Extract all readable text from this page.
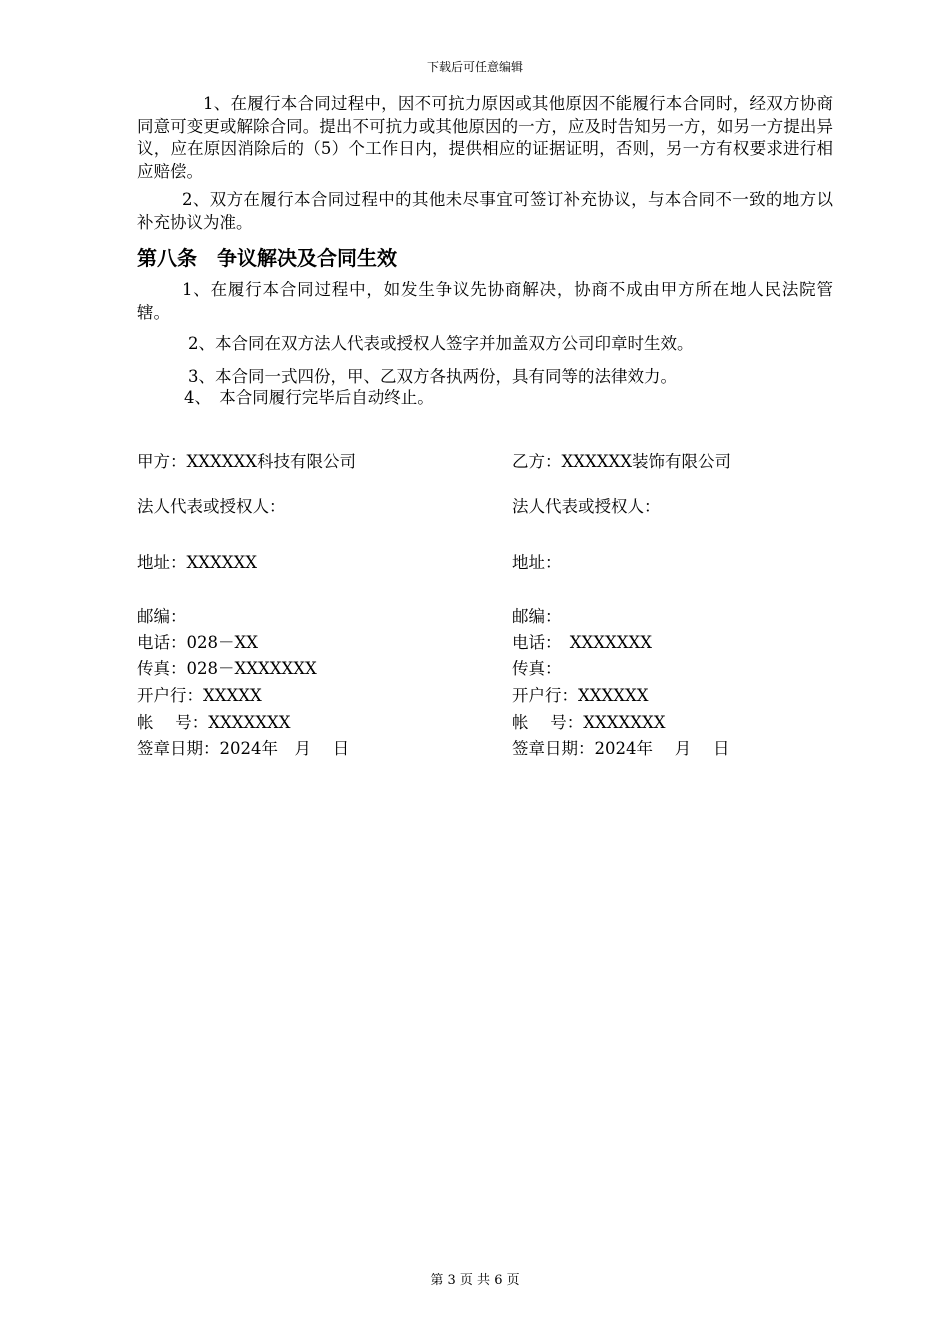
下载后可任意编辑
1、在履行本合同过程中，因不可抗力原因或其他原因不能履行本合同时，经双方协商同意可变更或解除合同。提出不可抗力或其他原因的一方，应及时告知另一方，如另一方提出异议，应在原因消除后的（5）个工作日内，提供相应的证据证明，否则，另一方有权要求进行相应赔偿。
2、双方在履行本合同过程中的其他未尽事宜可签订补充协议，与本合同不一致的地方以补充协议为准。
第八条　争议解决及合同生效
1、在履行本合同过程中，如发生争议先协商解决，协商不成由甲方所在地人民法院管辖。
2、本合同在双方法人代表或授权人签字并加盖双方公司印章时生效。
3、本合同一式四份，甲、乙双方各执两份，具有同等的法律效力。
4、　本合同履行完毕后自动终止。
甲方：XXXXXX科技有限公司
法人代表或授权人：
地址：XXXXXX
邮编：
电话：028－XX
传真：028－XXXXXXX
开户行：XXXXX
帐　 号：XXXXXXX
签章日期：2024年　月　 日
乙方：XXXXXX装饰有限公司
法人代表或授权人：
地址：
邮编：
电话：　XXXXXXX
传真：
开户行：XXXXXX
帐　 号：XXXXXXX
签章日期：2024年　 月　 日
第 3 页 共 6 页
